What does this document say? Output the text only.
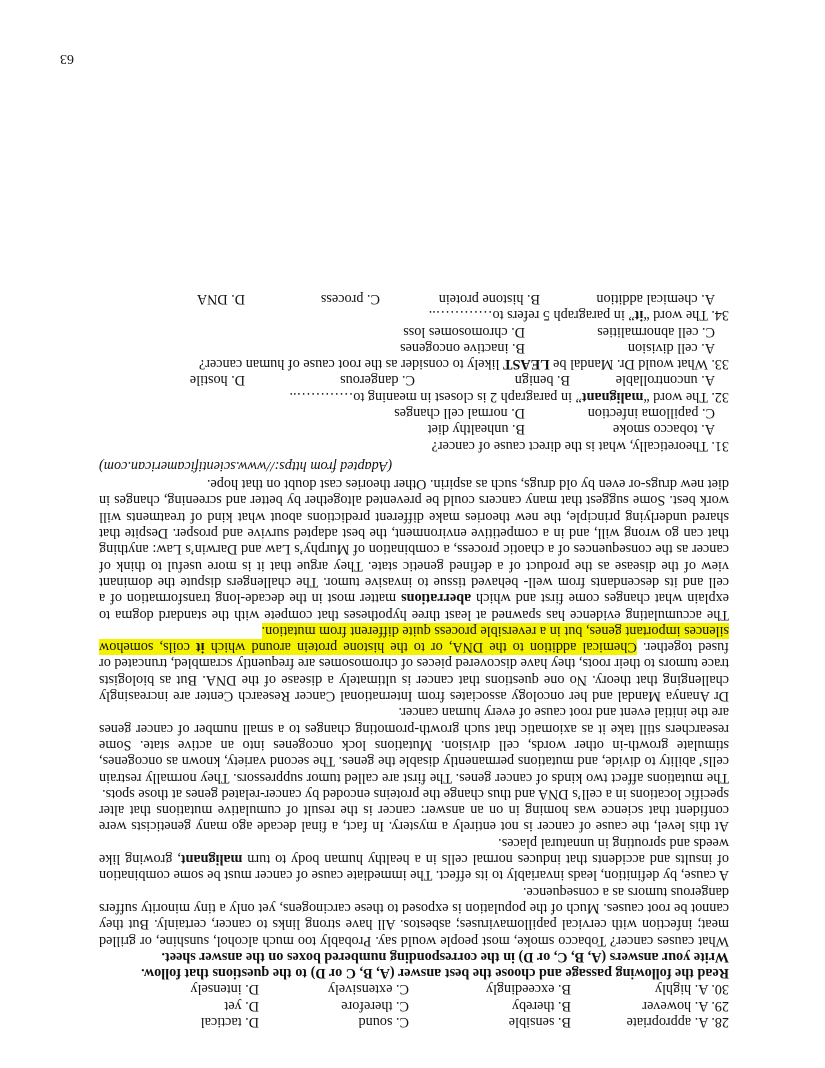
28. A. appropriate
B. sensible
C. sound
D. tactical
29. A. however
B. thereby
C. therefore
D. yet
30. A. highly
B. exceedingly
C. extensively
D. intensely

Read the following passage and choose the best answer (A, B, C or D) to the questions that follow.

Write your answers (A, B, C, or D) in the corresponding numbered boxes on the answer sheet.

What causes cancer? Tobacco smoke, most people would say. Probably too much alcohol, sunshine, or grilled meat; infection with cervical papillomaviruses; asbestos. All have strong links to cancer, certainly. But they cannot be root causes. Much of the population is exposed to these carcinogens, yet only a tiny minority suffers dangerous tumors as a consequence.

A cause, by definition, leads invariably to its effect. The immediate cause of cancer must be some combination of insults and accidents that induces normal cells in a healthy human body to turn malignant, growing like weeds and sprouting in unnatural places.

At this level, the cause of cancer is not entirely a mystery. In fact, a final decade ago many geneticists were confident that science was homing in on an answer: cancer is the result of cumulative mutations that alter specific locations in a cell’s DNA and thus change the proteins encoded by cancer-related genes at those spots.

The mutations affect two kinds of cancer genes. The first are called tumor suppressors. They normally restrain cells’ ability to divide, and mutations permanently disable the genes. The second variety, known as oncogenes, stimulate growth-in other words, cell division. Mutations lock oncogenes into an active state. Some researchers still take it as axiomatic that such growth-promoting changes to a small number of cancer genes are the initial event and root cause of every human cancer.

Dr Ananya Mandal and her oncology associates from International Cancer Research Center are increasingly challenging that theory. No one questions that cancer is ultimately a disease of the DNA. But as biologists trace tumors to their roots, they have discovered pieces of chromosomes are frequently scrambled, truncated or fused together. Chemical addition to the DNA, or to the histone protein around which it coils, somehow silences important genes, but in a reversible process quite different from mutation.

The accumulating evidence has spawned at least three hypotheses that compete with the standard dogma to explain what changes come first and which aberrations matter most in the decade-long transformation of a cell and its descendants from well- behaved tissue to invasive tumor. The challengers dispute the dominant view of the disease as the product of a defined genetic state. They argue that it is more useful to think of cancer as the consequences of a chaotic process, a combination of Murphy’s Law and Darwin’s Law: anything that can go wrong will, and in a competitive environment, the best adapted survive and prosper. Despite that shared underlying principle, the new theories make different predictions about what kind of treatments will work best. Some suggest that many cancers could be prevented altogether by better and screening, changes in diet new drugs-or even by old drugs, such as aspirin. Other theories cast doubt on that hope.

(Adapted from https://www.scientificamerican.com)

31. Theoretically, what is the direct cause of cancer?

A. tobacco smoke
B. unhealthy diet
C. papilloma infection
D. normal cell changes

32. The word “malignant” in paragraph 2 is closest in meaning to…………..

A. uncontrollable
B. benign
C. dangerous
D. hostile

33. What would Dr. Mandal be LEAST likely to consider as the root cause of human cancer?

A. cell division
B. inactive oncogenes
C. cell abnormalities
D. chromosomes loss

34. The word “it” in paragraph 5 refers to…………..

A. chemical addition
B. histone protein
C. process
D. DNA
63
